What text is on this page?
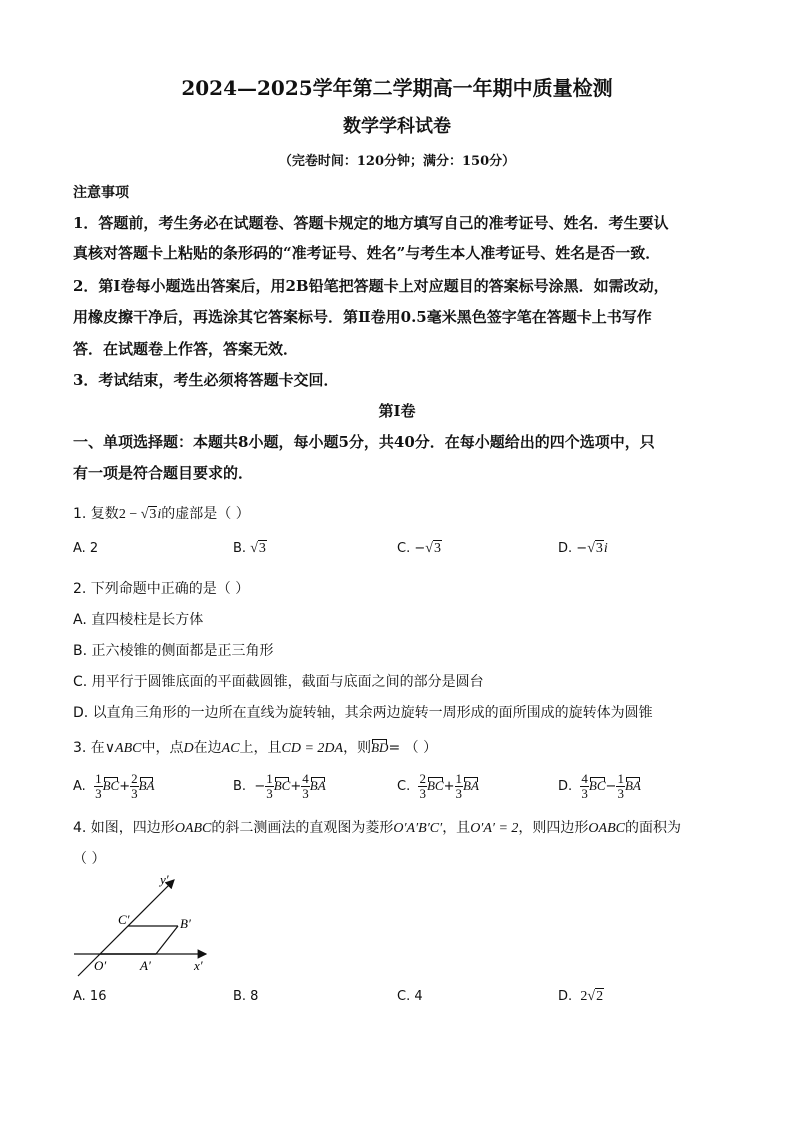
2024—2025学年第二学期高一年期中质量检测
数学学科试卷
（完卷时间：120分钟；满分：150分）
注意事项
1．答题前，考生务必在试题卷、答题卡规定的地方填写自己的准考证号、姓名．考生要认
真核对答题卡上粘贴的条形码的“准考证号、姓名”与考生本人准考证号、姓名是否一致．
2．第Ⅰ卷每小题选出答案后，用2B铅笔把答题卡上对应题目的答案标号涂黑．如需改动，
用橡皮擦干净后，再选涂其它答案标号．第Ⅱ卷用0.5毫米黑色签字笔在答题卡上书写作
答．在试题卷上作答，答案无效．
3．考试结束，考生必须将答题卡交回．
第Ⅰ卷
一、单项选择题：本题共8小题，每小题5分，共40分．在每小题给出的四个选项中，只
有一项是符合题目要求的．
1. 复数2 − √3i的虚部是（ ）
A. 2	B. √3	C. −√3	D. −√3i
2. 下列命题中正确的是（ ）
A. 直四棱柱是长方体
B. 正六棱锥的侧面都是正三角形
C. 用平行于圆锥底面的平面截圆锥，截面与底面之间的部分是圆台
D. 以直角三角形的一边所在直线为旋转轴，其余两边旋转一周形成的面所围成的旋转体为圆锥
3. 在∨ABC中，点D在边AC上，且CD = 2DA，则BD= （ ）
A. $\frac{1}{3} BC+ \frac{2}{3}$ BA	B. − $\frac{1}{3} BC+ \frac{4}{3}$ BA	C. $\frac{2}{3} BC+ \frac{1}{3}$ BA	D. $\frac{4}{3} BC- \frac{1}{3}$ BA
4. 如图，四边形OABC的斜二测画法的直观图为菱形O′A′B′C′，且O′A′ = 2，则四边形OABC的面积为
（ ）
y′
x′
O′	A′
B′
C′
A. 16	B. 8	C. 4	D. 2√2
